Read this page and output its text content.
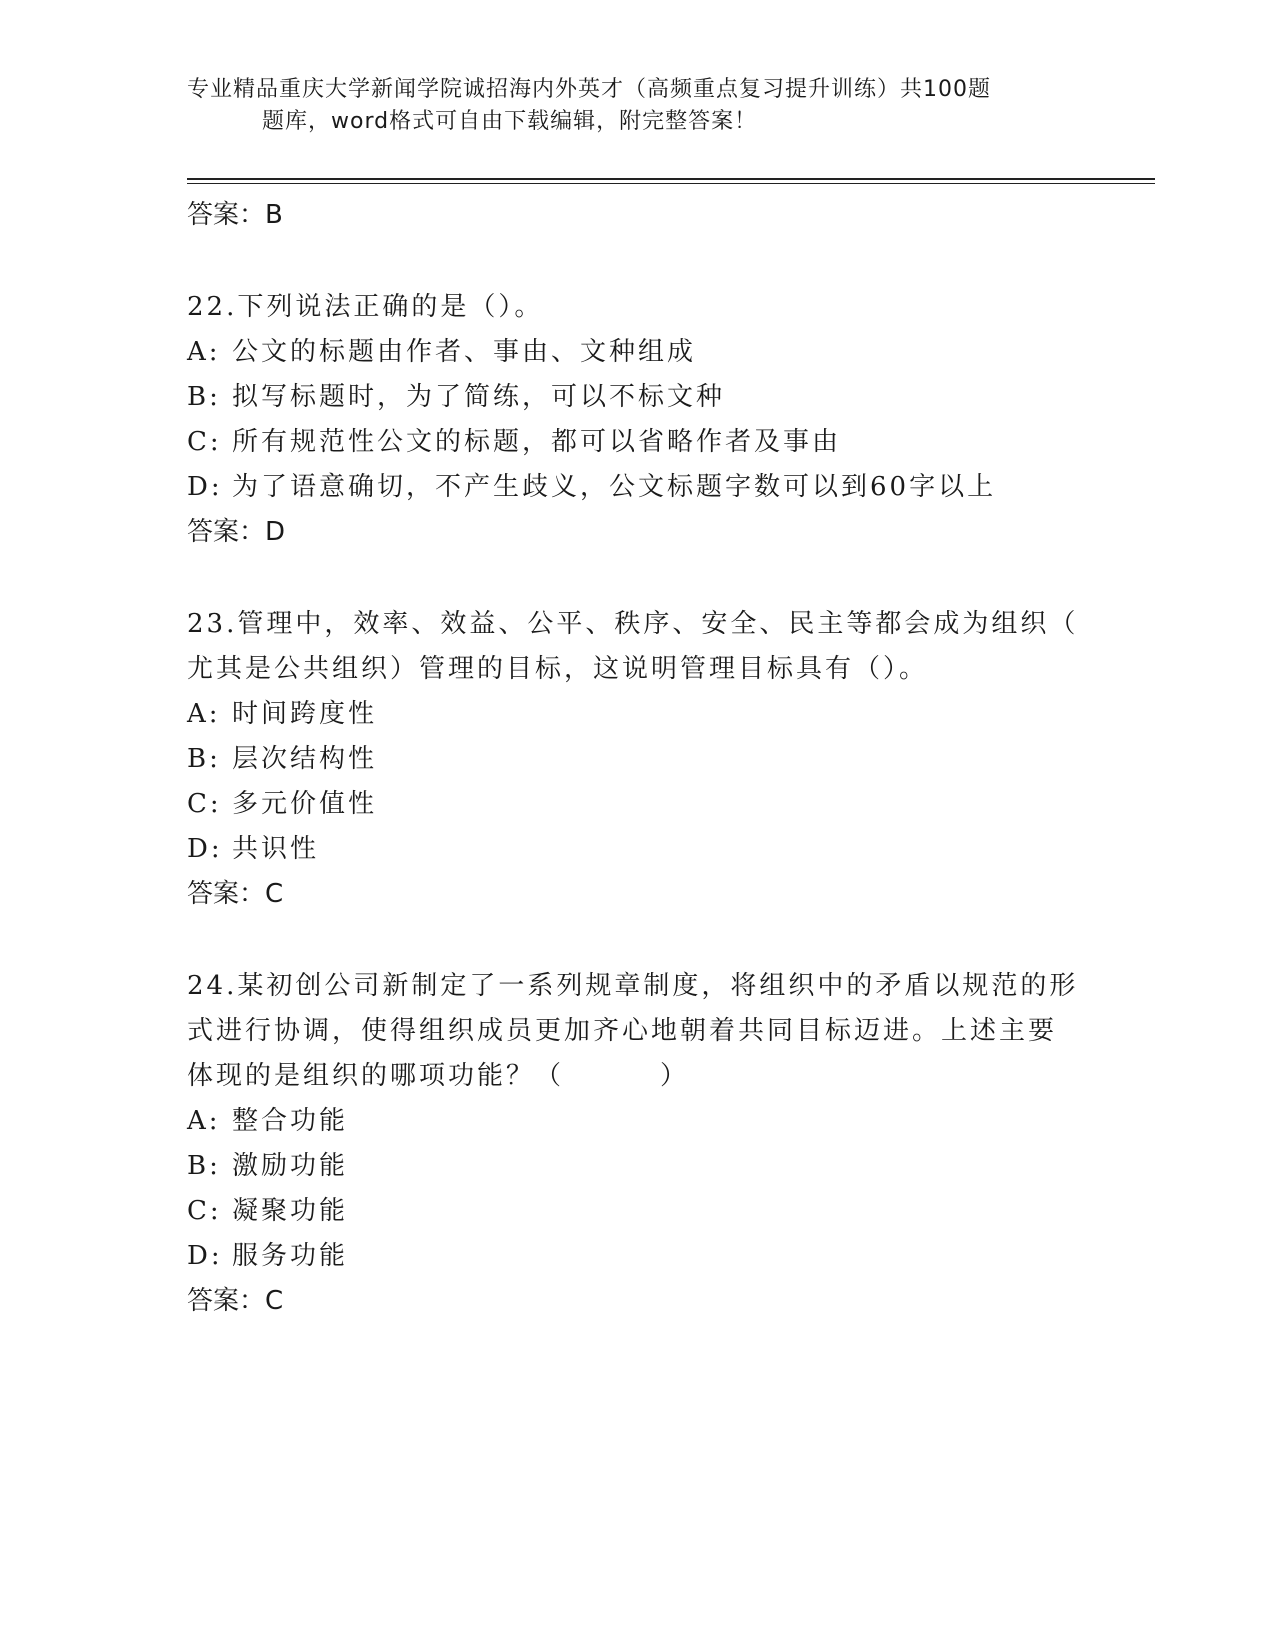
专业精品重庆大学新闻学院诚招海内外英才（高频重点复习提升训练）共100题
题库，word格式可自由下载编辑，附完整答案！
答案：B
22.下列说法正确的是（）。
A: 公文的标题由作者、事由、文种组成
B: 拟写标题时，为了简练，可以不标文种
C: 所有规范性公文的标题，都可以省略作者及事由
D: 为了语意确切，不产生歧义，公文标题字数可以到60字以上
答案：D
23.管理中，效率、效益、公平、秩序、安全、民主等都会成为组织（
尤其是公共组织）管理的目标，这说明管理目标具有（）。
A: 时间跨度性
B: 层次结构性
C: 多元价值性
D: 共识性
答案：C
24.某初创公司新制定了一系列规章制度，将组织中的矛盾以规范的形
式进行协调，使得组织成员更加齐心地朝着共同目标迈进。上述主要
体现的是组织的哪项功能？（	）
A: 整合功能
B: 激励功能
C: 凝聚功能
D: 服务功能
答案：C
